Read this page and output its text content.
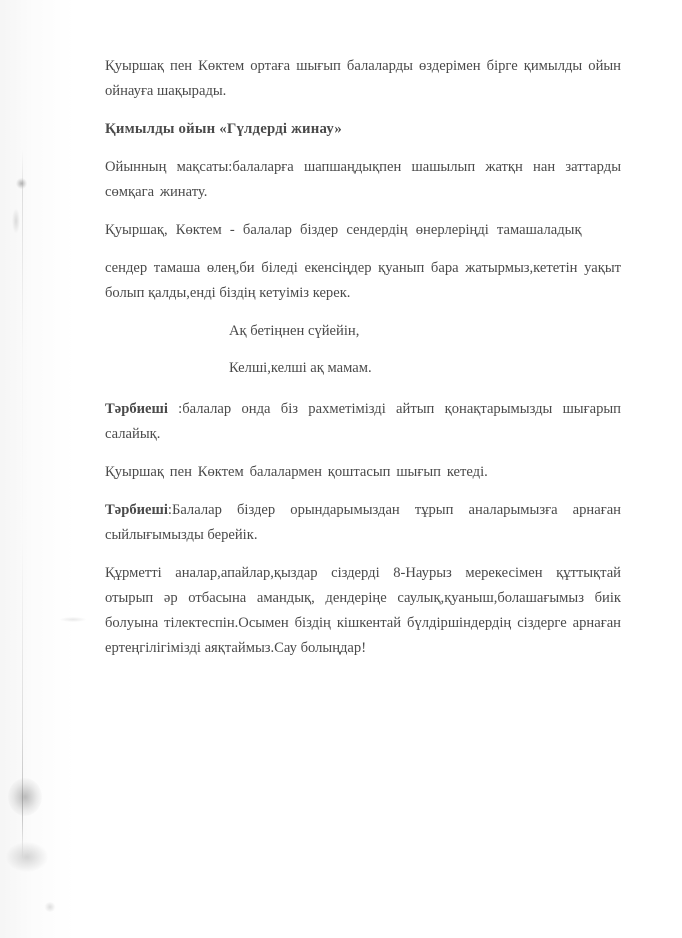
Қуыршақ пен Көктем ортаға шығып балаларды өздерімен бірге қимылды ойын ойнауға шақырады.

Қимылды ойын «Гүлдерді жинау»

Ойынның мақсаты:балаларға шапшаңдықпен шашылып жатқн нан заттарды сөмқага жинату.

Қуыршақ, Көктем - балалар біздер сендердің өнерлеріңді тамашаладық

сендер тамаша өлең,би біледі екенсіңдер қуанып бара жатырмыз,кететін уақыт болып қалды,енді біздің кетуіміз керек.

Ақ бетіңнен сүйейін,

Келші,келші ақ мамам.

Тәрбиеші :балалар онда біз рахметімізді айтып қонақтарымызды шығарып салайық.

Қуыршақ пен Көктем балалармен қоштасып шығып кетеді.

Тәрбиеші:Балалар біздер орындарымыздан тұрып аналарымызға арнаған сыйлығымызды берейік.

Құрметті аналар,апайлар,қыздар сіздерді 8-Наурыз мерекесімен құттықтай отырып әр отбасына амандық, дендеріңе саулық,қуаныш,болашағымыз биік болуына тілектеспін.Осымен біздің кішкентай бүлдіршіндердің сіздерге арнаған ертеңгілігімізді аяқтаймыз.Сау болыңдар!
